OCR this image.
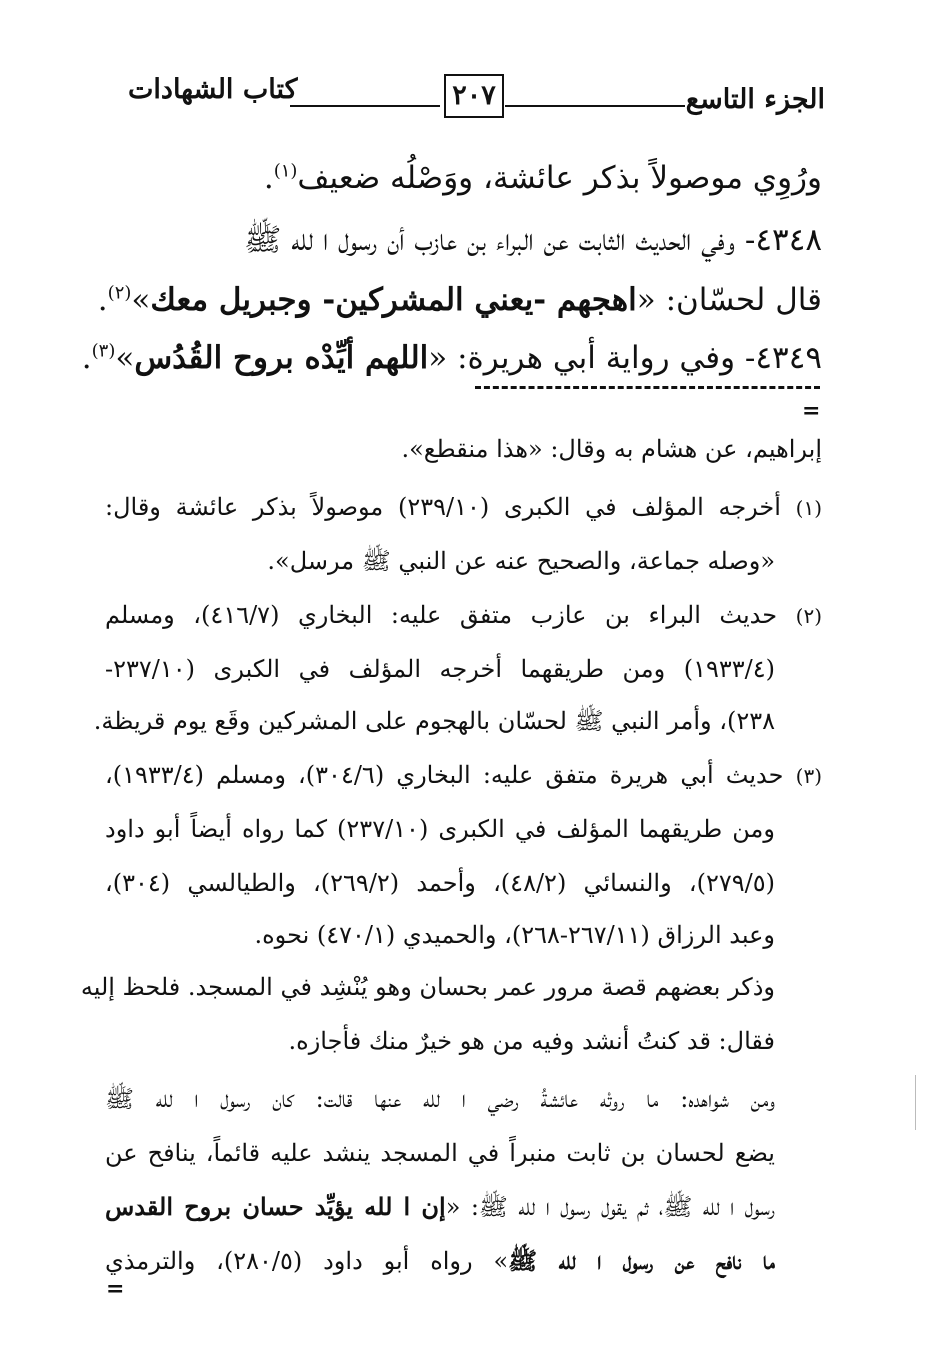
كتاب الشهادات	٢٠٧	الجزء التاسع
ورُوِي موصولاً بذكر عائشة، ووَصْلُه ضعيف$^{(١)}$.
٤٣٤٨- وفي الحديث الثابت عن البراء بن عازب أن رسول ا لله ﷺ
قال لحسّان: «اهجهم -يعني المشركين- وجبريل معك»$^{(٢)}$.
٤٣٤٩- وفي رواية أبي هريرة: «اللهم أيِّدْه بروح القُدُس»$^{(٣)}$.
=
إبراهيم، عن هشام به وقال: «هذا منقطع».
(١) أخرجه المؤلف في الكبرى (٢٣٩/١٠) موصولاً بذكر عائشة وقال:
«وصله جماعة، والصحيح عنه عن النبي ﷺ مرسل».
(٢) حديث البراء بن عازب متفق عليه: البخاري (٤١٦/٧)، ومسلم
(١٩٣٣/٤) ومن طريقهما أخرجه المؤلف في الكبرى (٢٣٧/١٠-
٢٣٨)، وأمر النبي ﷺ لحسّان بالهجوم على المشركين وقَع يوم قريظة.
(٣) حديث أبي هريرة متفق عليه: البخاري (٣٠٤/٦)، ومسلم (١٩٣٣/٤)،
ومن طريقهما المؤلف في الكبرى (٢٣٧/١٠) كما رواه أيضاً أبو داود
(٢٧٩/٥)، والنسائي (٤٨/٢)، وأحمد (٢٦٩/٢)، والطيالسي (٣٠٤)،
وعبد الرزاق (٢٦٧/١١-٢٦٨)، والحميدي (٤٧٠/١) نحوه.
وذكر بعضهم قصة مرور عمر بحسان وهو يُنْشِد في المسجد. فلحظ إليه
فقال: قد كنتُ أنشد وفيه من هو خيرٌ منك فأجازه.
ومن شواهده: ما روتْه عائشةُ رضي ا لله عنها قالت: كان رسول ا لله ﷺ
يضع لحسان بن ثابت منبراً في المسجد ينشد عليه قائماً، ينافح عن
رسول ا لله ﷺ، ثم يقول رسول ا لله ﷺ: «إن ا لله يؤيِّد حسان بروح القدس
ما نافح عن رسول ا لله ﷺ» رواه أبو داود (٢٨٠/٥)، والترمذي
=
